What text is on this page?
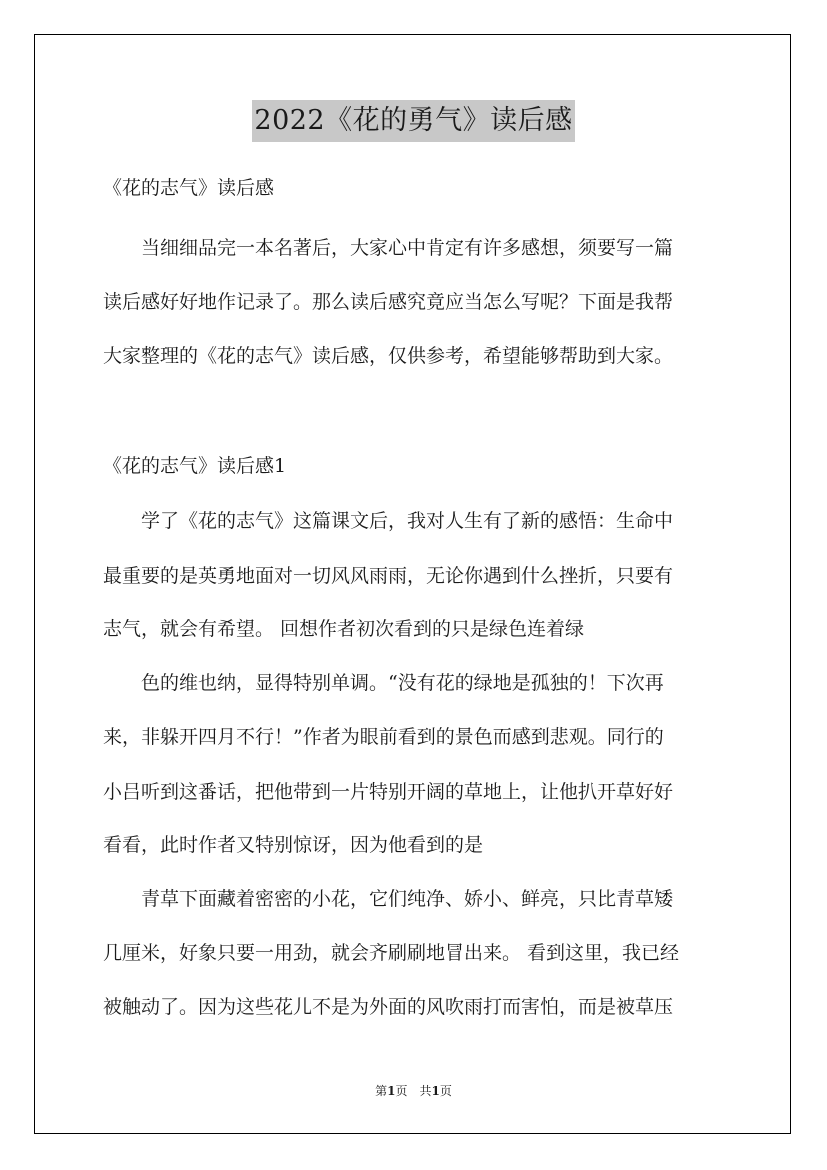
2022《花的勇气》读后感
《花的志气》读后感
　　当细细品完一本名著后，大家心中肯定有许多感想，须要写一篇
读后感好好地作记录了。那么读后感究竟应当怎么写呢？下面是我帮
大家整理的《花的志气》读后感，仅供参考，希望能够帮助到大家。
《花的志气》读后感1
　　学了《花的志气》这篇课文后，我对人生有了新的感悟：生命中
最重要的是英勇地面对一切风风雨雨，无论你遇到什么挫折，只要有
志气，就会有希望。 回想作者初次看到的只是绿色连着绿
　　色的维也纳，显得特别单调。“没有花的绿地是孤独的！下次再
来，非躲开四月不行！”作者为眼前看到的景色而感到悲观。同行的
小吕听到这番话，把他带到一片特别开阔的草地上，让他扒开草好好
看看，此时作者又特别惊讶，因为他看到的是
　　青草下面藏着密密的小花，它们纯净、娇小、鲜亮，只比青草矮
几厘米，好象只要一用劲，就会齐刷刷地冒出来。 看到这里，我已经
被触动了。因为这些花儿不是为外面的风吹雨打而害怕，而是被草压
第1页　共1页
